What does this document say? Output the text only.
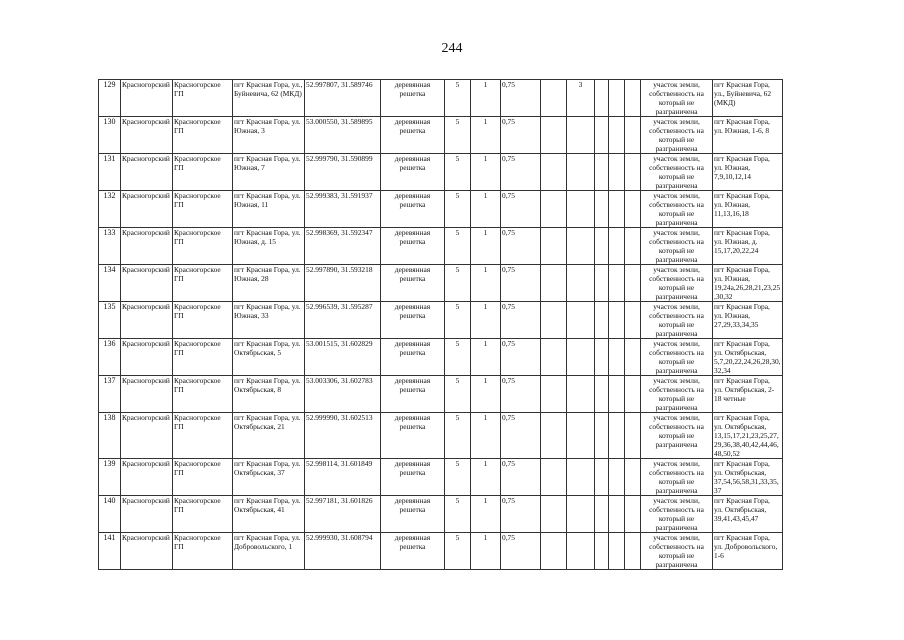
244
129	Красногорский	Красногорское ГП	пгт Красная Гора, ул., Буйневича, 62 (МКД)	52.997807, 31.589746	деревянная решетка	5	1	0,75		3				участок земли, собственность на который не разграничена	пгт Красная Гора, ул., Буйневича, 62 (МКД)
130	Красногорский	Красногорское ГП	пгт Красная Гора, ул. Южная, 3	53.000550, 31.589895	деревянная решетка	5	1	0,75						участок земли, собственность на который не разграничена	пгт Красная Гора, ул. Южная, 1-6, 8
131	Красногорский	Красногорское ГП	пгт Красная Гора, ул. Южная, 7	52.999790, 31.590899	деревянная решетка	5	1	0,75						участок земли, собственность на который не разграничена	пгт Красная Гора, ул. Южная, 7,9,10,12,14
132	Красногорский	Красногорское ГП	пгт Красная Гора, ул. Южная, 11	52.999383, 31.591937	деревянная решетка	5	1	0,75						участок земли, собственность на который не разграничена	пгт Красная Гора, ул. Южная, 11,13,16,18
133	Красногорский	Красногорское ГП	пгт Красная Гора, ул. Южная, д. 15	52.998369, 31.592347	деревянная решетка	5	1	0,75						участок земли, собственность на который не разграничена	пгт Красная Гора, ул. Южная, д. 15,17,20,22,24
134	Красногорский	Красногорское ГП	пгт Красная Гора, ул. Южная, 28	52.997890, 31.593218	деревянная решетка	5	1	0,75						участок земли, собственность на который не разграничена	пгт Красная Гора, ул. Южная, 19,24а,26,28,21,23,25 ,30,32
135	Красногорский	Красногорское ГП	пгт Красная Гора, ул. Южная, 33	52.996539, 31.595287	деревянная решетка	5	1	0,75						участок земли, собственность на который не разграничена	пгт Красная Гора, ул. Южная, 27,29,33,34,35
136	Красногорский	Красногорское ГП	пгт Красная Гора, ул. Октябрьская, 5	53.001515, 31.602829	деревянная решетка	5	1	0,75						участок земли, собственность на который не разграничена	пгт Красная Гора, ул. Октябрьская, 5,7,20,22,24,26,28,30, 32,34
137	Красногорский	Красногорское ГП	пгт Красная Гора, ул. Октябрьская, 8	53.003306, 31.602783	деревянная решетка	5	1	0,75						участок земли, собственность на который не разграничена	пгт Красная Гора, ул. Октябрьская, 2-18 четные
138	Красногорский	Красногорское ГП	пгт Красная Гора, ул. Октябрьская, 21	52.999990, 31.602513	деревянная решетка	5	1	0,75						участок земли, собственность на который не разграничена	пгт Красная Гора, ул. Октябрьская, 13,15,17,21,23,25,27, 29,36,38,40,42,44,46, 48,50,52
139	Красногорский	Красногорское ГП	пгт Красная Гора, ул. Октябрьская, 37	52.998114, 31.601849	деревянная решетка	5	1	0,75						участок земли, собственность на который не разграничена	пгт Красная Гора, ул. Октябрьская, 37,54,56,58,31,33,35, 37
140	Красногорский	Красногорское ГП	пгт Красная Гора, ул. Октябрьская, 41	52.997181, 31.601826	деревянная решетка	5	1	0,75						участок земли, собственность на который не разграничена	пгт Красная Гора, ул. Октябрьская, 39,41,43,45,47
141	Красногорский	Красногорское ГП	пгт Красная Гора, ул. Добровольского, 1	52.999930, 31.608794	деревянная решетка	5	1	0,75						участок земли, собственность на который не разграничена	пгт Красная Гора, ул. Добровольского, 1-6
